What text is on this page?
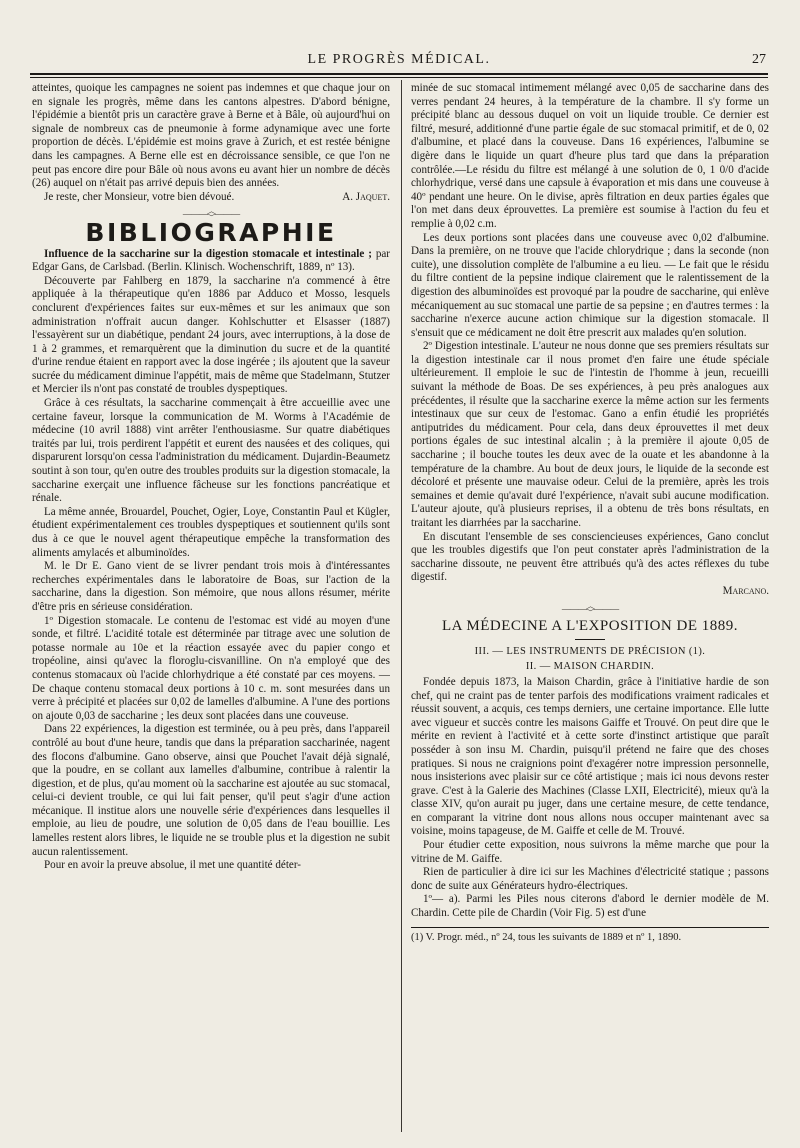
LE PROGRÈS MÉDICAL.	27

atteintes, quoique les campagnes ne soient pas indemnes et que chaque jour on en signale les progrès, même dans les cantons alpestres. D'abord bénigne, l'épidémie a bientôt pris un caractère grave à Berne et à Bâle, où aujourd'hui on signale de nombreux cas de pneumonie à forme adynamique avec une forte proportion de décès. L'épidémie est moins grave à Zurich, et est restée bénigne dans les campagnes. A Berne elle est en décroissance sensible, ce que l'on ne peut pas encore dire pour Bâle où nous avons eu avant hier un nombre de décès (26) auquel on n'était pas arrivé depuis bien des années.

Je reste, cher Monsieur, votre bien dévoué.	A. Jaquet.
———<>———
BIBLIOGRAPHIE

Influence de la saccharine sur la digestion stomacale et intestinale ; par Edgar Gans, de Carlsbad. (Berlin. Klinisch. Wochenschrift, 1889, nº 13).

Découverte par Fahlberg en 1879, la saccharine n'a commencé à être appliquée à la thérapeutique qu'en 1886 par Adduco et Mosso, lesquels conclurent d'expériences faites sur eux-mêmes et sur les animaux que son administration n'offrait aucun danger. Kohlschutter et Elsasser (1887) l'essayèrent sur un diabétique, pendant 24 jours, avec interruptions, à la dose de 1 à 2 grammes, et remarquèrent que la diminution du sucre et de la quantité d'urine rendue étaient en rapport avec la dose ingérée ; ils ajoutent que la saveur sucrée du médicament diminue l'appétit, mais de même que Stadelmann, Stutzer et Mercier ils n'ont pas constaté de troubles dyspeptiques.

Grâce à ces résultats, la saccharine commençait à être accueillie avec une certaine faveur, lorsque la communication de M. Worms à l'Académie de médecine (10 avril 1888) vint arrêter l'enthousiasme. Sur quatre diabétiques traités par lui, trois perdirent l'appétit et eurent des nausées et des coliques, qui disparurent lorsqu'on cessa l'administration du médicament. Dujardin-Beaumetz soutint à son tour, qu'en outre des troubles produits sur la digestion stomacale, la saccharine exerçait une influence fâcheuse sur les fonctions pancréatique et rénale.

La même année, Brouardel, Pouchet, Ogier, Loye, Constantin Paul et Kügler, étudient expérimentalement ces troubles dyspeptiques et soutiennent qu'ils sont dus à ce que le nouvel agent thérapeutique empêche la transformation des aliments amylacés et albuminoïdes.

M. le Dr E. Gano vient de se livrer pendant trois mois à d'intéressantes recherches expérimentales dans le laboratoire de Boas, sur l'action de la saccharine, dans la digestion. Son mémoire, que nous allons résumer, mérite d'être pris en sérieuse considération.

1º Digestion stomacale. Le contenu de l'estomac est vidé au moyen d'une sonde, et filtré. L'acidité totale est déterminée par titrage avec une solution de potasse normale au 10e et la réaction essayée avec du papier congo et tropéoline, ainsi qu'avec la floroglu-cisvanilline. On n'a employé que des contenus stomacaux où l'acide chlorhydrique a été constaté par ces moyens. — De chaque contenu stomacal deux portions à 10 c. m. sont mesurées dans un verre à précipité et placées sur 0,02 de lamelles d'albumine. A l'une des portions on ajoute 0,03 de saccharine ; les deux sont placées dans une couveuse.

Dans 22 expériences, la digestion est terminée, ou à peu près, dans l'appareil contrôlé au bout d'une heure, tandis que dans la préparation saccharinée, nagent des flocons d'albumine. Gano observe, ainsi que Pouchet l'avait déjà signalé, que la poudre, en se collant aux lamelles d'albumine, contribue à ralentir la digestion, et de plus, qu'au moment où la saccharine est ajoutée au suc stomacal, celui-ci devient trouble, ce qui lui fait penser, qu'il peut s'agir d'une action mécanique. Il institue alors une nouvelle série d'expériences dans lesquelles il emploie, au lieu de poudre, une solution de 0,05 dans de l'eau bouillie. Les lamelles restent alors libres, le liquide ne se trouble plus et la digestion ne subit aucun ralentissement.

Pour en avoir la preuve absolue, il met une quantité déter-

minée de suc stomacal intimement mélangé avec 0,05 de saccharine dans des verres pendant 24 heures, à la température de la chambre. Il s'y forme un précipité blanc au dessous duquel on voit un liquide trouble. Ce dernier est filtré, mesuré, additionné d'une partie égale de suc stomacal primitif, et de 0, 02 d'albumine, et placé dans la couveuse. Dans 16 expériences, l'albumine se digère dans le liquide un quart d'heure plus tard que dans la préparation contrôlée.—Le résidu du filtre est mélangé à une solution de 0, 1 0/0 d'acide chlorhydrique, versé dans une capsule à évaporation et mis dans une couveuse à 40º pendant une heure. On le divise, après filtration en deux parties égales que l'on met dans deux éprouvettes. La première est soumise à l'action du feu et remplie à 0,02 c.m.

Les deux portions sont placées dans une couveuse avec 0,02 d'albumine. Dans la première, on ne trouve que l'acide chlorydrique ; dans la seconde (non cuite), une dissolution complète de l'albumine a eu lieu. — Le fait que le résidu du filtre contient de la pepsine indique clairement que le ralentissement de la digestion des albuminoïdes est provoqué par la poudre de saccharine, qui enlève mécaniquement au suc stomacal une partie de sa pepsine ; en d'autres termes : la saccharine n'exerce aucune action chimique sur la digestion stomacale. Il s'ensuit que ce médicament ne doit être prescrit aux malades qu'en solution.

2º Digestion intestinale. L'auteur ne nous donne que ses premiers résultats sur la digestion intestinale car il nous promet d'en faire une étude spéciale ultérieurement. Il emploie le suc de l'intestin de l'homme à jeun, recueilli suivant la méthode de Boas. De ses expériences, à peu près analogues aux précédentes, il résulte que la saccharine exerce la même action sur les ferments intestinaux que sur ceux de l'estomac. Gano a enfin étudié les propriétés antiputrides du médicament. Pour cela, dans deux éprouvettes il met deux portions égales de suc intestinal alcalin ; à la première il ajoute 0,05 de saccharine ; il bouche toutes les deux avec de la ouate et les abandonne à la température de la chambre. Au bout de deux jours, le liquide de la seconde est décoloré et présente une mauvaise odeur. Celui de la première, après les trois semaines et demie qu'avait duré l'expérience, n'avait subi aucune modification. L'auteur ajoute, qu'à plusieurs reprises, il a obtenu de très bons résultats, en traitant les diarrhées par la saccharine.

En discutant l'ensemble de ses consciencieuses expériences, Gano conclut que les troubles digestifs que l'on peut constater après l'administration de la saccharine dissoute, ne peuvent être attribués qu'à des actes réflexes du tube digestif.

Marcano.
———<>———
LA MÉDECINE A L'EXPOSITION DE 1889.
III. — LES INSTRUMENTS DE PRÉCISION (1).
II. — MAISON CHARDIN.

Fondée depuis 1873, la Maison Chardin, grâce à l'initiative hardie de son chef, qui ne craint pas de tenter parfois des modifications vraiment radicales et réussit souvent, a acquis, ces temps derniers, une certaine importance. Elle lutte avec vigueur et succès contre les maisons Gaiffe et Trouvé. On peut dire que le mérite en revient à l'activité et à cette sorte d'instinct artistique que paraît posséder à son insu M. Chardin, puisqu'il prétend ne faire que des choses pratiques. Si nous ne craignions point d'exagérer notre impression personnelle, nous insisterions avec plaisir sur ce côté artistique ; mais ici nous devons rester grave. C'est à la Galerie des Machines (Classe LXII, Electricité), mieux qu'à la classe XIV, qu'on aurait pu juger, dans une certaine mesure, de cette tendance, en comparant la vitrine dont nous allons nous occuper maintenant avec sa voisine, moins tapageuse, de M. Gaiffe et celle de M. Trouvé.

Pour étudier cette exposition, nous suivrons la même marche que pour la vitrine de M. Gaiffe.

Rien de particulier à dire ici sur les Machines d'électricité statique ; passons donc de suite aux Générateurs hydro-électriques.

1º— a). Parmi les Piles nous citerons d'abord le dernier modèle de M. Chardin. Cette pile de Chardin (Voir Fig. 5) est d'une

(1) V. Progr. méd., nº 24, tous les suivants de 1889 et nº 1, 1890.
